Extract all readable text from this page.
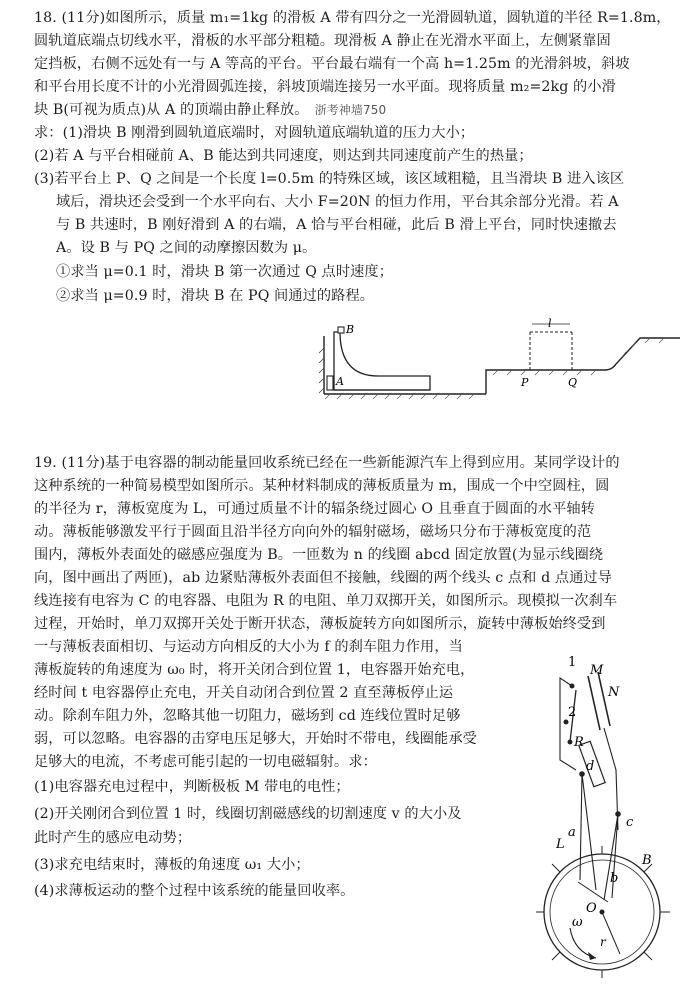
18. (11分)如图所示，质量 m₁=1kg 的滑板 A 带有四分之一光滑圆轨道，圆轨道的半径 R=1.8m，
圆轨道底端点切线水平，滑板的水平部分粗糙。现滑板 A 静止在光滑水平面上，左侧紧靠固
定挡板，右侧不远处有一与 A 等高的平台。平台最右端有一个高 h=1.25m 的光滑斜坡，斜坡
和平台用长度不计的小光滑圆弧连接，斜坡顶端连接另一水平面。现将质量 m₂=2kg 的小滑
块 B(可视为质点)从 A 的顶端由静止释放。 浙考神墙750
求：(1)滑块 B 刚滑到圆轨道底端时，对圆轨道底端轨道的压力大小；
(2)若 A 与平台相碰前 A、B 能达到共同速度，则达到共同速度前产生的热量；
(3)若平台上 P、Q 之间是一个长度 l=0.5m 的特殊区域，该区域粗糙，且当滑块 B 进入该区
域后，滑块还会受到一个水平向右、大小 F=20N 的恒力作用，平台其余部分光滑。若 A
与 B 共速时，B 刚好滑到 A 的右端，A 恰与平台相碰，此后 B 滑上平台，同时快速撤去
A。设 B 与 PQ 之间的动摩擦因数为 μ。
①求当 μ=0.1 时，滑块 B 第一次通过 Q 点时速度；
②求当 μ=0.9 时，滑块 B 在 PQ 间通过的路程。
B
A
l
P	Q
19. (11分)基于电容器的制动能量回收系统已经在一些新能源汽车上得到应用。某同学设计的
这种系统的一种简易模型如图所示。某种材料制成的薄板质量为 m，围成一个中空圆柱，圆
的半径为 r，薄板宽度为 L，可通过质量不计的辐条绕过圆心 O 且垂直于圆面的水平轴转
动。薄板能够激发平行于圆面且沿半径方向向外的辐射磁场，磁场只分布于薄板宽度的范
围内，薄板外表面处的磁感应强度为 B。一匝数为 n 的线圈 abcd 固定放置(为显示线圈绕
向，图中画出了两匝)，ab 边紧贴薄板外表面但不接触，线圈的两个线头 c 点和 d 点通过导
线连接有电容为 C 的电容器、电阻为 R 的电阻、单刀双掷开关，如图所示。现模拟一次刹车
过程，开始时，单刀双掷开关处于断开状态，薄板旋转方向如图所示，旋转中薄板始终受到
一与薄板表面相切、与运动方向相反的大小为 f 的刹车阻力作用，当
薄板旋转的角速度为 ω₀ 时，将开关闭合到位置 1，电容器开始充电，
经时间 t 电容器停止充电，开关自动闭合到位置 2 直至薄板停止运
动。除刹车阻力外，忽略其他一切阻力，磁场到 cd 连线位置时足够
弱，可以忽略。电容器的击穿电压足够大，开始时不带电，线圈能承受
足够大的电流，不考虑可能引起的一切电磁辐射。求：
(1)电容器充电过程中，判断极板 M 带电的电性；
(2)开关刚闭合到位置 1 时，线圈切割磁感线的切割速度 v 的大小及
此时产生的感应电动势；
(3)求充电结束时，薄板的角速度 ω₁ 大小；
(4)求薄板运动的整个过程中该系统的能量回收率。
1
2
M
N
R
d
c
a
b
O
r
ω
B
L
